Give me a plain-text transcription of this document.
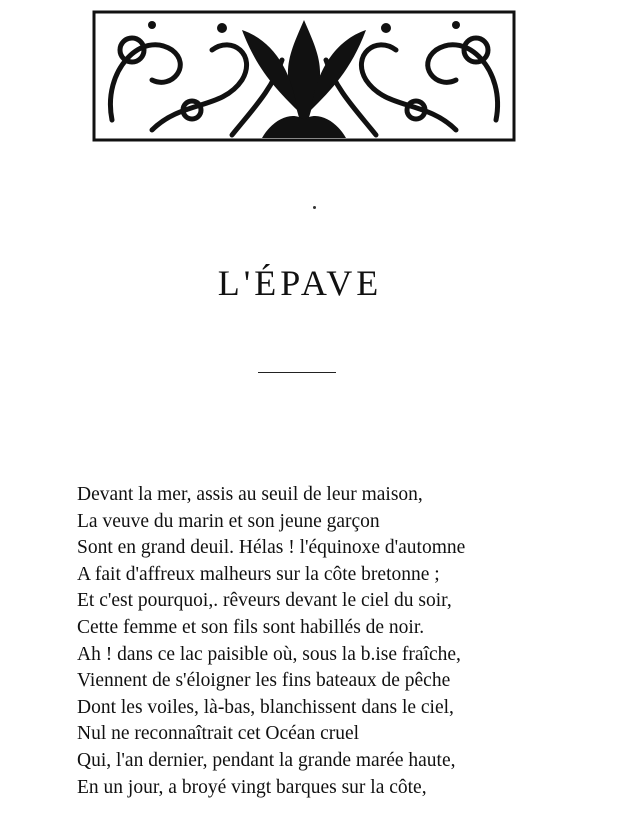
L'ÉPAVE
Devant la mer, assis au seuil de leur maison,
La veuve du marin et son jeune garçon
Sont en grand deuil. Hélas ! l'équinoxe d'automne
A fait d'affreux malheurs sur la côte bretonne ;
Et c'est pourquoi,. rêveurs devant le ciel du soir,
Cette femme et son fils sont habillés de noir.
Ah ! dans ce lac paisible où, sous la b.ise fraîche,
Viennent de s'éloigner les fins bateaux de pêche
Dont les voiles, là-bas, blanchissent dans le ciel,
Nul ne reconnaîtrait cet Océan cruel
Qui, l'an dernier, pendant la grande marée haute,
En un jour, a broyé vingt barques sur la côte,
